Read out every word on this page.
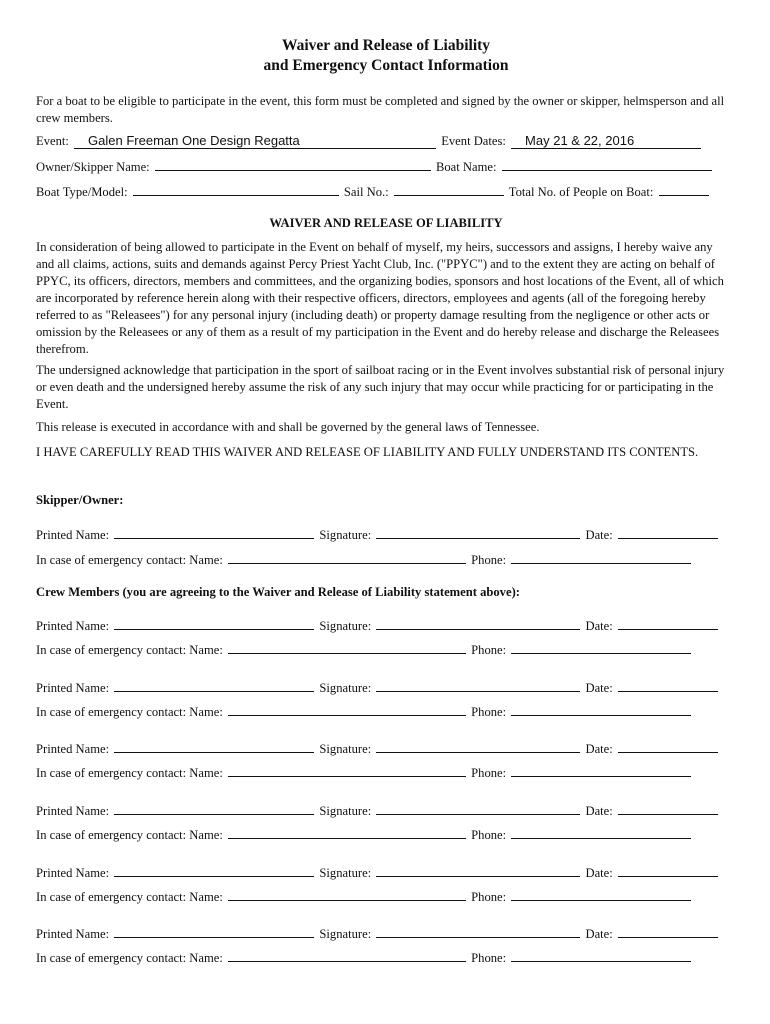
Waiver and Release of Liability
and Emergency Contact Information
For a boat to be eligible to participate in the event, this form must be completed and signed by the owner or skipper, helmsperson and all crew members.
Event: Galen Freeman One Design Regatta	Event Dates: May 21 & 22, 2016
Owner/Skipper Name:	Boat Name:
Boat Type/Model:	Sail No.:	Total No. of People on Boat:
WAIVER AND RELEASE OF LIABILITY
In consideration of being allowed to participate in the Event on behalf of myself, my heirs, successors and assigns, I hereby waive any and all claims, actions, suits and demands against Percy Priest Yacht Club, Inc. ("PPYC") and to the extent they are acting on behalf of PPYC, its officers, directors, members and committees, and the organizing bodies, sponsors and host locations of the Event, all of which are incorporated by reference herein along with their respective officers, directors, employees and agents (all of the foregoing hereby referred to as "Releasees") for any personal injury (including death) or property damage resulting from the negligence or other acts or omission by the Releasees or any of them as a result of my participation in the Event and do hereby release and discharge the Releasees therefrom.
The undersigned acknowledge that participation in the sport of sailboat racing or in the Event involves substantial risk of personal injury or even death and the undersigned hereby assume the risk of any such injury that may occur while practicing for or participating in the Event.
This release is executed in accordance with and shall be governed by the general laws of Tennessee.
I HAVE CAREFULLY READ THIS WAIVER AND RELEASE OF LIABILITY AND FULLY UNDERSTAND ITS CONTENTS.
Skipper/Owner:
Printed Name:	Signature:	Date:
In case of emergency contact: Name:	Phone:
Crew Members (you are agreeing to the Waiver and Release of Liability statement above):
Printed Name:	Signature:	Date:
In case of emergency contact: Name:	Phone:
Printed Name:	Signature:	Date:
In case of emergency contact: Name:	Phone:
Printed Name:	Signature:	Date:
In case of emergency contact: Name:	Phone:
Printed Name:	Signature:	Date:
In case of emergency contact: Name:	Phone:
Printed Name:	Signature:	Date:
In case of emergency contact: Name:	Phone:
Printed Name:	Signature:	Date:
In case of emergency contact: Name:	Phone:
